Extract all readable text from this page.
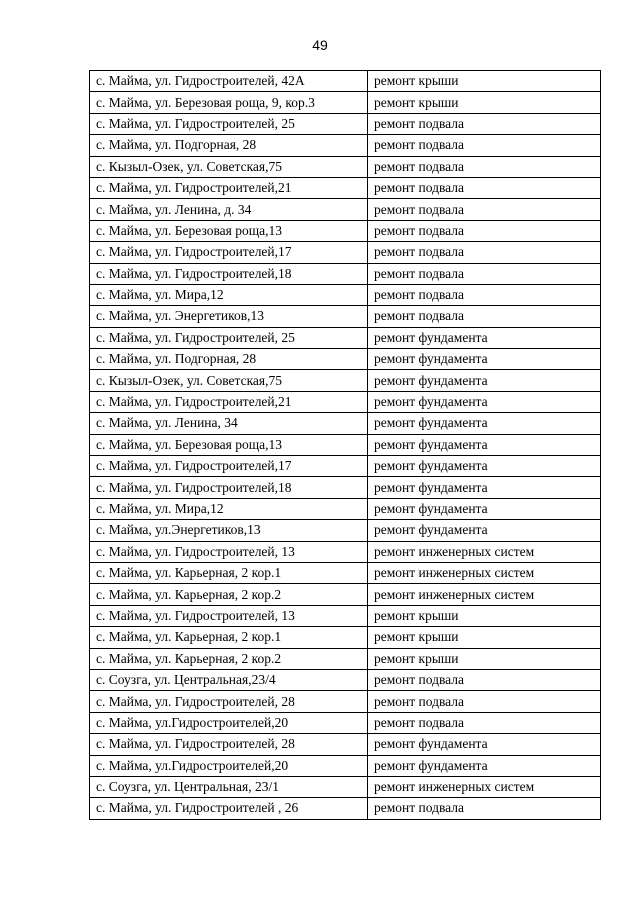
49
с. Майма, ул. Гидростроителей, 42А	ремонт крыши
с. Майма, ул. Березовая роща, 9, кор.3	ремонт крыши
с. Майма, ул. Гидростроителей, 25	ремонт подвала
с. Майма, ул. Подгорная, 28	ремонт подвала
с. Кызыл-Озек, ул. Советская,75	ремонт подвала
с. Майма, ул. Гидростроителей,21	ремонт подвала
с. Майма, ул. Ленина, д. 34	ремонт подвала
с. Майма, ул. Березовая роща,13	ремонт подвала
с. Майма, ул. Гидростроителей,17	ремонт подвала
с. Майма, ул. Гидростроителей,18	ремонт подвала
с. Майма, ул. Мира,12	ремонт подвала
с. Майма, ул. Энергетиков,13	ремонт подвала
с. Майма, ул. Гидростроителей, 25	ремонт фундамента
с. Майма, ул. Подгорная, 28	ремонт фундамента
с. Кызыл-Озек, ул. Советская,75	ремонт фундамента
с. Майма, ул. Гидростроителей,21	ремонт фундамента
с. Майма, ул. Ленина, 34	ремонт фундамента
с. Майма, ул. Березовая роща,13	ремонт фундамента
с. Майма, ул. Гидростроителей,17	ремонт фундамента
с. Майма, ул. Гидростроителей,18	ремонт фундамента
с. Майма, ул. Мира,12	ремонт фундамента
с. Майма, ул.Энергетиков,13	ремонт фундамента
с. Майма, ул. Гидростроителей, 13	ремонт инженерных систем
с. Майма, ул. Карьерная, 2 кор.1	ремонт инженерных систем
с. Майма, ул. Карьерная, 2 кор.2	ремонт инженерных систем
с. Майма, ул. Гидростроителей, 13	ремонт крыши
с. Майма, ул. Карьерная, 2 кор.1	ремонт крыши
с. Майма, ул. Карьерная, 2 кор.2	ремонт крыши
с. Соузга, ул. Центральная,23/4	ремонт подвала
с. Майма, ул. Гидростроителей, 28	ремонт подвала
с. Майма, ул.Гидростроителей,20	ремонт подвала
с. Майма, ул. Гидростроителей, 28	ремонт фундамента
с. Майма, ул.Гидростроителей,20	ремонт фундамента
с. Соузга, ул. Центральная, 23/1	ремонт инженерных систем
с. Майма, ул. Гидростроителей , 26	ремонт подвала
